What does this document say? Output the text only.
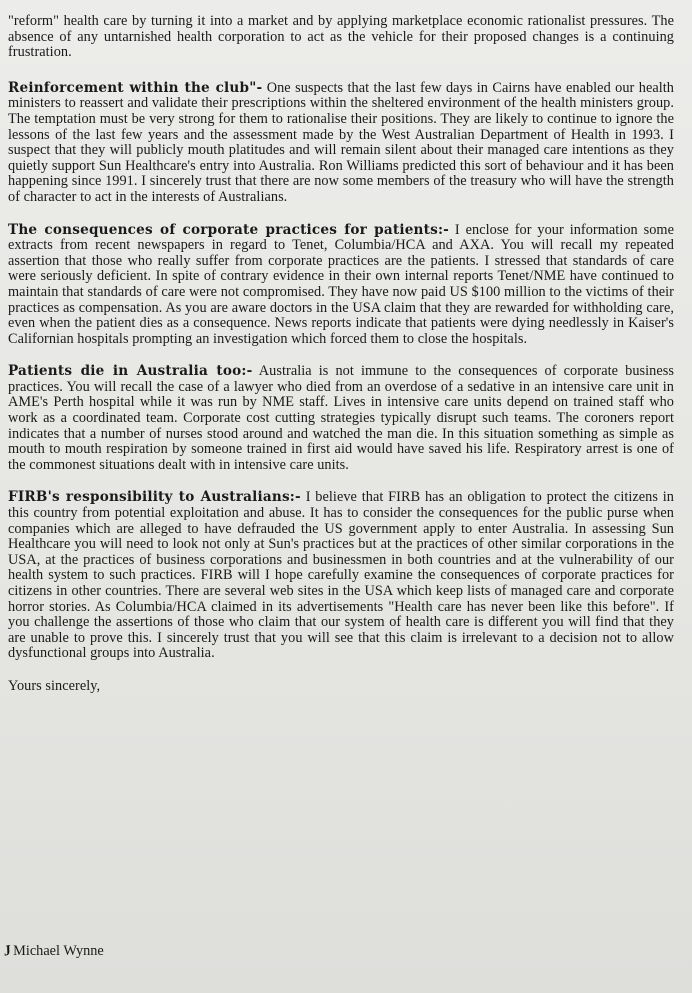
"reform" health care by turning it into a market and by applying marketplace economic rationalist pressures. The absence of any untarnished health corporation to act as the vehicle for their proposed changes is a continuing frustration.

Reinforcement within the club"- One suspects that the last few days in Cairns have enabled our health ministers to reassert and validate their prescriptions within the sheltered environment of the health ministers group. The temptation must be very strong for them to rationalise their positions. They are likely to continue to ignore the lessons of the last few years and the assessment made by the West Australian Department of Health in 1993. I suspect that they will publicly mouth platitudes and will remain silent about their managed care intentions as they quietly support Sun Healthcare's entry into Australia. Ron Williams predicted this sort of behaviour and it has been happening since 1991. I sincerely trust that there are now some members of the treasury who will have the strength of character to act in the interests of Australians.

The consequences of corporate practices for patients:- I enclose for your information some extracts from recent newspapers in regard to Tenet, Columbia/HCA and AXA. You will recall my repeated assertion that those who really suffer from corporate practices are the patients. I stressed that standards of care were seriously deficient. In spite of contrary evidence in their own internal reports Tenet/NME have continued to maintain that standards of care were not compromised. They have now paid US $100 million to the victims of their practices as compensation. As you are aware doctors in the USA claim that they are rewarded for withholding care, even when the patient dies as a consequence. News reports indicate that patients were dying needlessly in Kaiser's Californian hospitals prompting an investigation which forced them to close the hospitals.

Patients die in Australia too:- Australia is not immune to the consequences of corporate business practices. You will recall the case of a lawyer who died from an overdose of a sedative in an intensive care unit in AME's Perth hospital while it was run by NME staff. Lives in intensive care units depend on trained staff who work as a coordinated team. Corporate cost cutting strategies typically disrupt such teams. The coroners report indicates that a number of nurses stood around and watched the man die. In this situation something as simple as mouth to mouth respiration by someone trained in first aid would have saved his life. Respiratory arrest is one of the commonest situations dealt with in intensive care units.

FIRB's responsibility to Australians:- I believe that FIRB has an obligation to protect the citizens in this country from potential exploitation and abuse. It has to consider the consequences for the public purse when companies which are alleged to have defrauded the US government apply to enter Australia. In assessing Sun Healthcare you will need to look not only at Sun's practices but at the practices of other similar corporations in the USA, at the practices of business corporations and businessmen in both countries and at the vulnerability of our health system to such practices. FIRB will I hope carefully examine the consequences of corporate practices for citizens in other countries. There are several web sites in the USA which keep lists of managed care and corporate horror stories. As Columbia/HCA claimed in its advertisements "Health care has never been like this before". If you challenge the assertions of those who claim that our system of health care is different you will find that they are unable to prove this. I sincerely trust that you will see that this claim is irrelevant to a decision not to allow dysfunctional groups into Australia.

Yours sincerely,

JMichael Wynne
